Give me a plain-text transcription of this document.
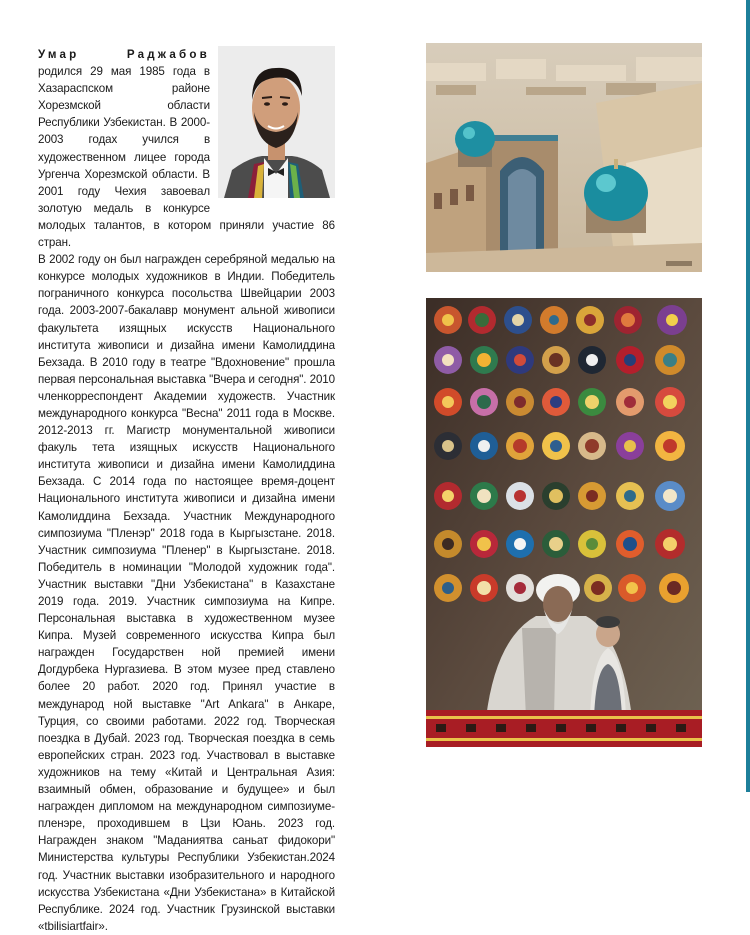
Умар Раджабов родился 29 мая 1985 года в Хазараспском районе Хорезмской области Республики Узбекистан. В 2000-2003 годах учился в художественном лицее города Ургенча Хорезмской области. В 2001 году Чехия завоевал золотую медаль в конкурсе молодых талантов, в котором приняли участие 86 стран.

В 2002 году он был награжден серебряной медалью на конкурсе молодых художников в Индии. Победитель пограничного конкурса посольства Швейцарии 2003 года. 2003-2007-бакалавр монумент альной живописи факультета изящных искусств Национального института живописи и дизайна имени Камолиддина Бехзада. В 2010 году в театре "Вдохновение" прошла первая персональная выставка "Вчера и сегодня". 2010 членкорреспондент Академии художеств. Участник международного конкурса "Весна" 2011 года в Москве. 2012-2013 гг. Магистр монументальной живописи факуль тета изящных искусств Национального института живописи и дизайна имени Камолиддина Бехзада. С 2014 года по настоящее время-доцент Национального института живописи и дизайна имени Камолиддина Бехзада. Участник Международного симпозиума "Пленэр" 2018 года в Кыргызстане. 2018. Участник симпозиума "Пленер" в Кыргызстане. 2018. Победитель в номинации "Молодой художник года". Участник выставки "Дни Узбекистана" в Казахстане 2019 года. 2019. Участник симпозиума на Кипре. Персональная выставка в художественном музее Кипра. Музей современного искусства Кипра был награжден Государствен ной премией имени Догдурбека Нургазиева. В этом музее пред ставлено более 20 работ. 2020 год. Принял участие в международ ной выставке "Art Ankara" в Анкаре, Турция, со своими работами. 2022 год. Творческая поездка в Дубай. 2023 год. Творческая поездка в семь европейских стран. 2023 год. Участвовал в выставке художников на тему «Китай и Центральная Азия: взаимный обмен, образование и будущее» и был награжден дипломом на международном симпозиуме-пленэре, проходившем в Цзи Юань. 2023 год. Награжден знаком "Маданиятва саньат фидокори" Министерства культуры Республики Узбекистан.2024 год. Участник выставки изобразительного и народного искусства Узбекистана «Дни Узбекистана» в Китайской Республике. 2024 год. Участник Грузинской выставки «tbilisiartfair».
